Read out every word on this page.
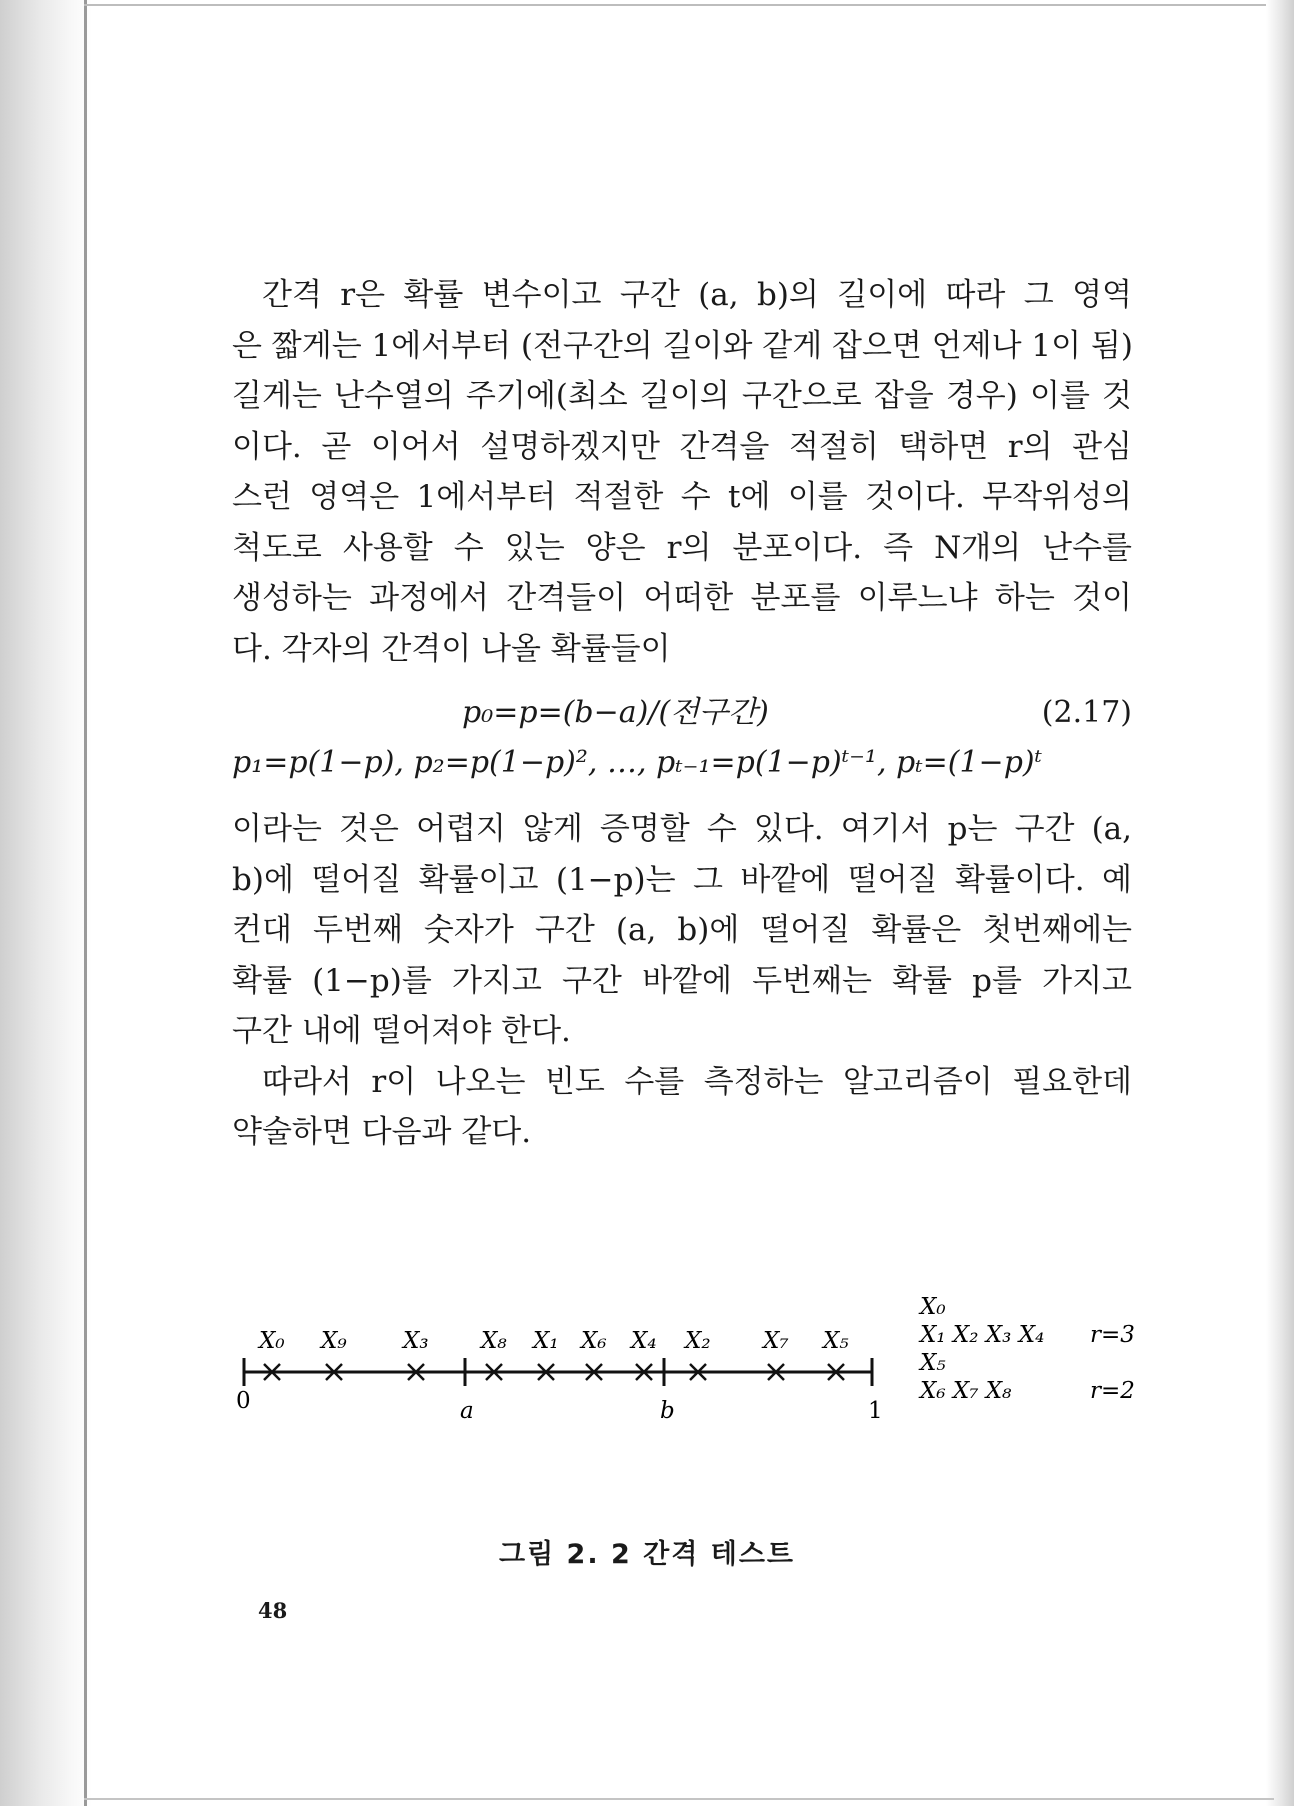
간격 r은 확률 변수이고 구간 (a, b)의 길이에 따라 그 영역
은 짧게는 1에서부터 (전구간의 길이와 같게 잡으면 언제나 1이 됨)
길게는 난수열의 주기에(최소 길이의 구간으로 잡을 경우) 이를 것
이다. 곧 이어서 설명하겠지만 간격을 적절히 택하면 r의 관심
스런 영역은 1에서부터 적절한 수 t에 이를 것이다. 무작위성의
척도로 사용할 수 있는 양은 r의 분포이다. 즉 N개의 난수를
생성하는 과정에서 간격들이 어떠한 분포를 이루느냐 하는 것이
다. 각자의 간격이 나올 확률들이
p₀=p=(b−a)/(전구간)	(2.17)
p₁=p(1−p), p₂=p(1−p)², …, pₜ₋₁=p(1−p)ᵗ⁻¹, pₜ=(1−p)ᵗ
이라는 것은 어렵지 않게 증명할 수 있다. 여기서 p는 구간 (a,
b)에 떨어질 확률이고 (1−p)는 그 바깥에 떨어질 확률이다. 예
컨대 두번째 숫자가 구간 (a, b)에 떨어질 확률은 첫번째에는
확률 (1−p)를 가지고 구간 바깥에 두번째는 확률 p를 가지고
구간 내에 떨어져야 한다.
따라서 r이 나오는 빈도 수를 측정하는 알고리즘이 필요한데
약술하면 다음과 같다.
X₀ X₉ X₃ X₈ X₁ X₆ X₄ X₂ X₇ X₅
0	a	b	1
X₀
X₁ X₂ X₃ X₄ r=3
X₅
X₆ X₇ X₈	r=2
그림 2. 2 간격 테스트
48
